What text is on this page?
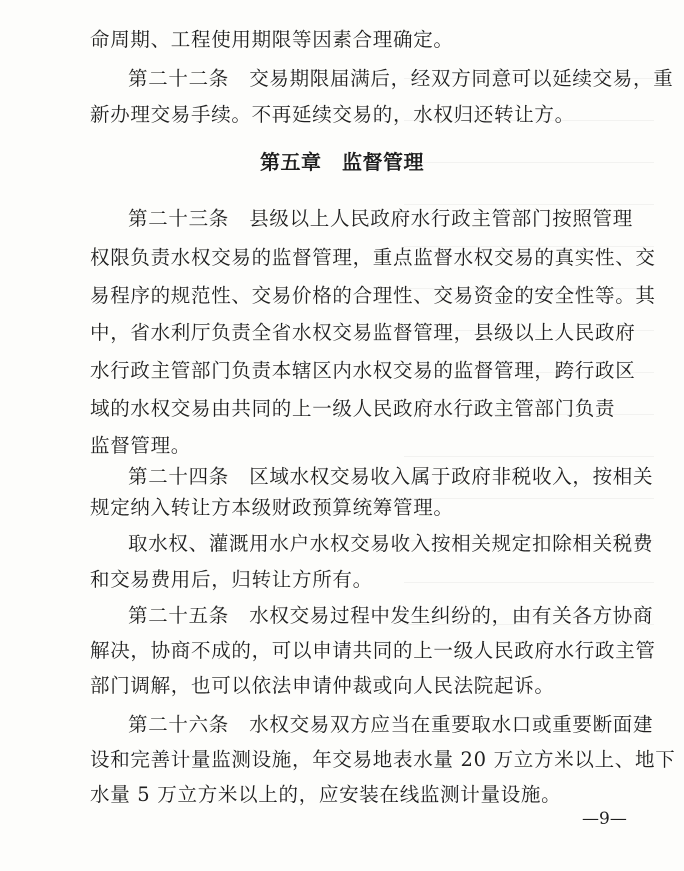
命周期、工程使用期限等因素合理确定。
第二十二条　交易期限届满后，经双方同意可以延续交易，重
新办理交易手续。不再延续交易的，水权归还转让方。
第五章　监督管理
第二十三条　县级以上人民政府水行政主管部门按照管理
权限负责水权交易的监督管理，重点监督水权交易的真实性、交
易程序的规范性、交易价格的合理性、交易资金的安全性等。其
中，省水利厅负责全省水权交易监督管理，县级以上人民政府
水行政主管部门负责本辖区内水权交易的监督管理，跨行政区
域的水权交易由共同的上一级人民政府水行政主管部门负责
监督管理。
第二十四条　区域水权交易收入属于政府非税收入，按相关
规定纳入转让方本级财政预算统筹管理。
取水权、灌溉用水户水权交易收入按相关规定扣除相关税费
和交易费用后，归转让方所有。
第二十五条　水权交易过程中发生纠纷的，由有关各方协商
解决，协商不成的，可以申请共同的上一级人民政府水行政主管
部门调解，也可以依法申请仲裁或向人民法院起诉。
第二十六条　水权交易双方应当在重要取水口或重要断面建
设和完善计量监测设施，年交易地表水量 20 万立方米以上、地下
水量 5 万立方米以上的，应安装在线监测计量设施。
—9—
